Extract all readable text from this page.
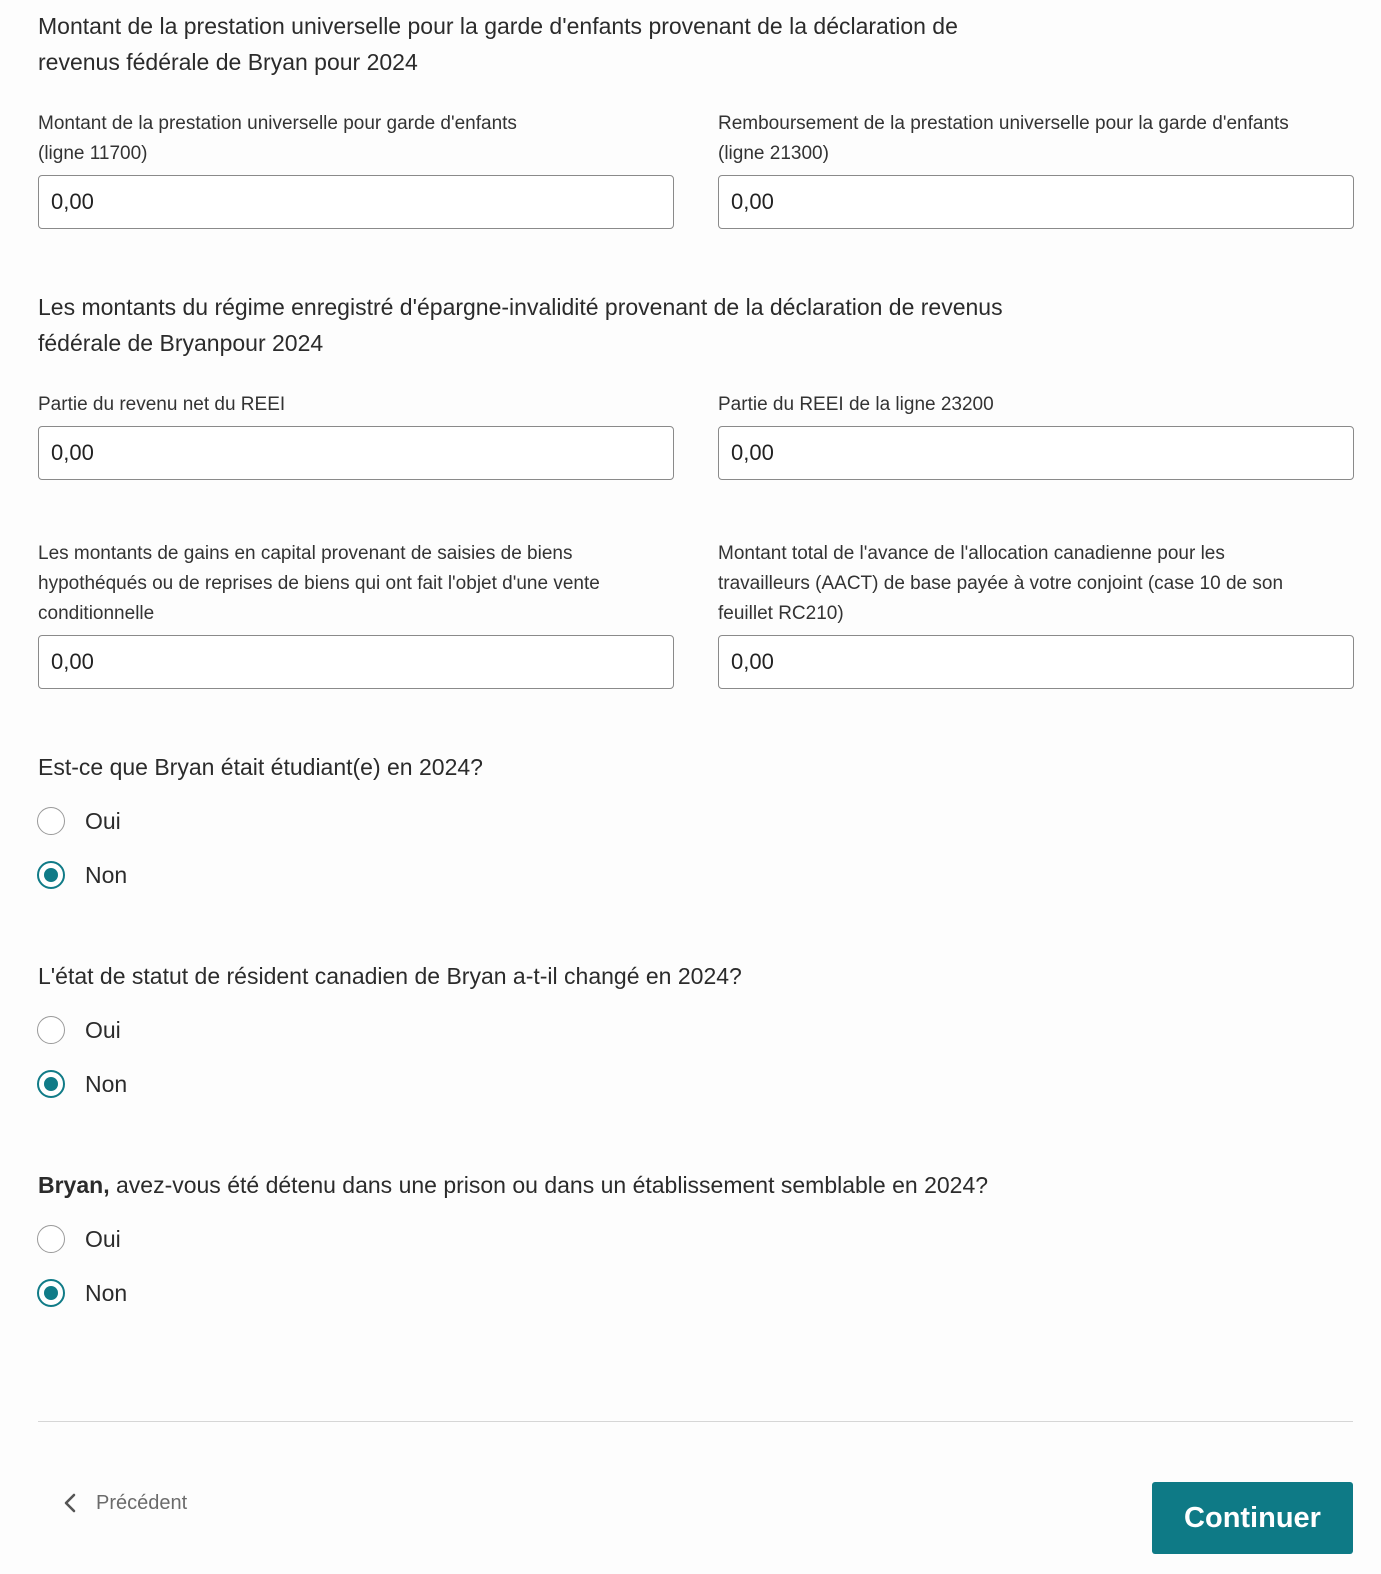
Montant de la prestation universelle pour la garde d'enfants provenant de la déclaration de
revenus fédérale de Bryan pour 2024
Montant de la prestation universelle pour garde d'enfants
(ligne 11700)
0,00
Remboursement de la prestation universelle pour la garde d'enfants
(ligne 21300)
0,00
Les montants du régime enregistré d'épargne-invalidité provenant de la déclaration de revenus
fédérale de Bryanpour 2024
Partie du revenu net du REEI
0,00	Partie du REEI de la ligne 23200
0,00
Les montants de gains en capital provenant de saisies de biens
hypothéqués ou de reprises de biens qui ont fait l'objet d'une vente
conditionnelle
0,00
Montant total de l'avance de l'allocation canadienne pour les
travailleurs (AACT) de base payée à votre conjoint (case 10 de son
feuillet RC210)
0,00
Est-ce que Bryan était étudiant(e) en 2024?
Oui
Non
L'état de statut de résident canadien de Bryan a-t-il changé en 2024?
Oui
Non
Bryan, avez-vous été détenu dans une prison ou dans un établissement semblable en 2024?
Oui
Non
Précédent	Continuer
